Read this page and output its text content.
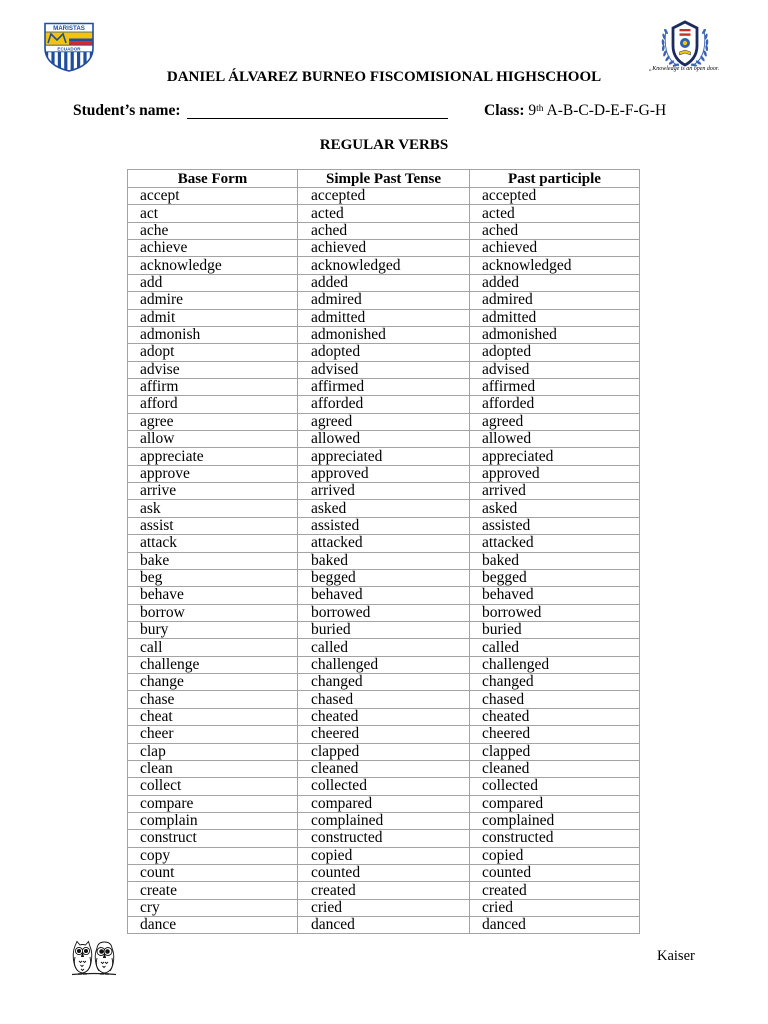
MARISTAS
ECUADOR
„Knowledge is an open door.
DANIEL ÁLVAREZ BURNEO FISCOMISIONAL HIGHSCHOOL
Student’s name:	Class: 9th A-B-C-D-E-F-G-H
REGULAR VERBS
Base Form	Simple Past Tense	Past participle
accept	accepted	accepted
act	acted	acted
ache	ached	ached
achieve	achieved	achieved
acknowledge	acknowledged	acknowledged
add	added	added
admire	admired	admired
admit	admitted	admitted
admonish	admonished	admonished
adopt	adopted	adopted
advise	advised	advised
affirm	affirmed	affirmed
afford	afforded	afforded
agree	agreed	agreed
allow	allowed	allowed
appreciate	appreciated	appreciated
approve	approved	approved
arrive	arrived	arrived
ask	asked	asked
assist	assisted	assisted
attack	attacked	attacked
bake	baked	baked
beg	begged	begged
behave	behaved	behaved
borrow	borrowed	borrowed
bury	buried	buried
call	called	called
challenge	challenged	challenged
change	changed	changed
chase	chased	chased
cheat	cheated	cheated
cheer	cheered	cheered
clap	clapped	clapped
clean	cleaned	cleaned
collect	collected	collected
compare	compared	compared
complain	complained	complained
construct	constructed	constructed
copy	copied	copied
count	counted	counted
create	created	created
cry	cried	cried
dance	danced	danced
Kaiser
